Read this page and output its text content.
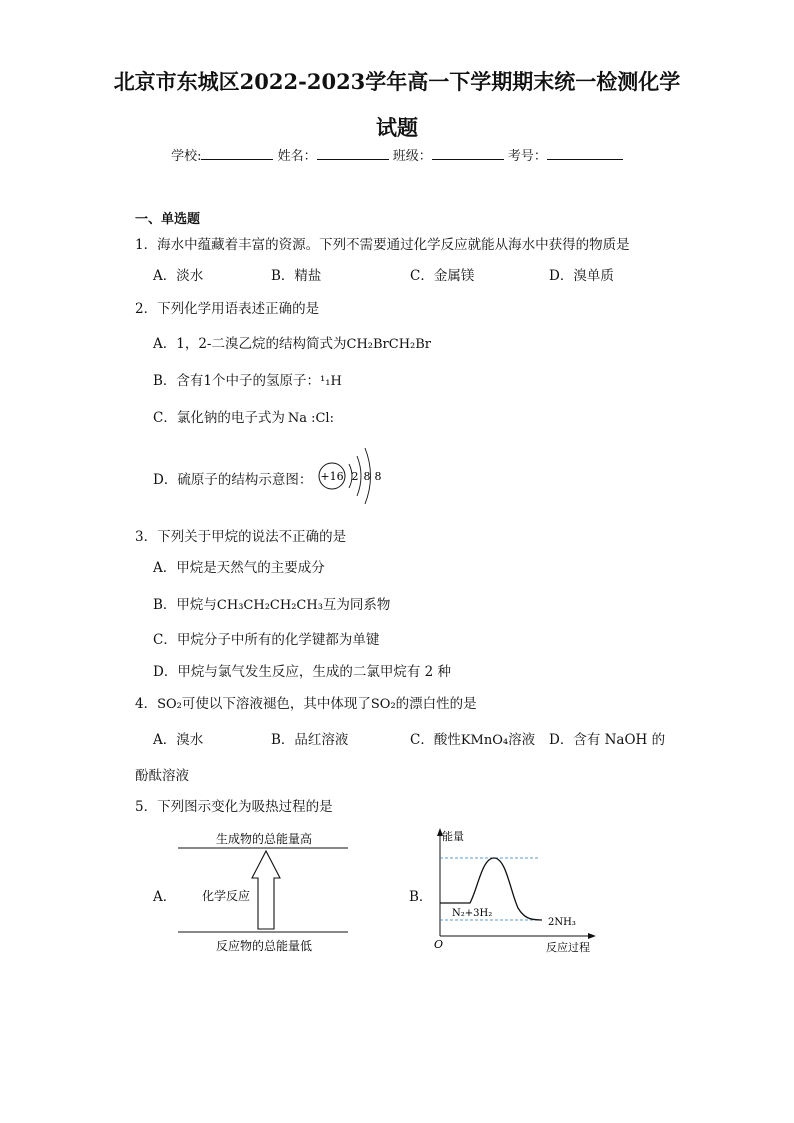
北京市东城区2022-2023学年高一下学期期末统一检测化学
试题
学校:	姓名：	班级：	考号：
一、单选题
1．海水中蕴藏着丰富的资源。下列不需要通过化学反应就能从海水中获得的物质是
A．淡水	B．精盐	C．金属镁	D．溴单质
2．下列化学用语表述正确的是
A．1，2-二溴乙烷的结构简式为CH₂BrCH₂Br
B．含有1个中子的氢原子：¹₁H
C．氯化钠的电子式为 Na :Cl:
D．硫原子的结构示意图： +16 2 8 8
3．下列关于甲烷的说法不正确的是
A．甲烷是天然气的主要成分
B．甲烷与CH₃CH₂CH₂CH₃互为同系物
C．甲烷分子中所有的化学键都为单键
D．甲烷与氯气发生反应，生成的二氯甲烷有 2 种
4．SO₂可使以下溶液褪色，其中体现了SO₂的漂白性的是
A．溴水	B．品红溶液	C．酸性KMnO₄溶液 D．含有 NaOH 的
酚酞溶液
5．下列图示变化为吸热过程的是
A．
生成物的总能量高
化学反应
反应物的总能量低
B．
能量
O	反应过程
N₂+3H₂
2NH₃
